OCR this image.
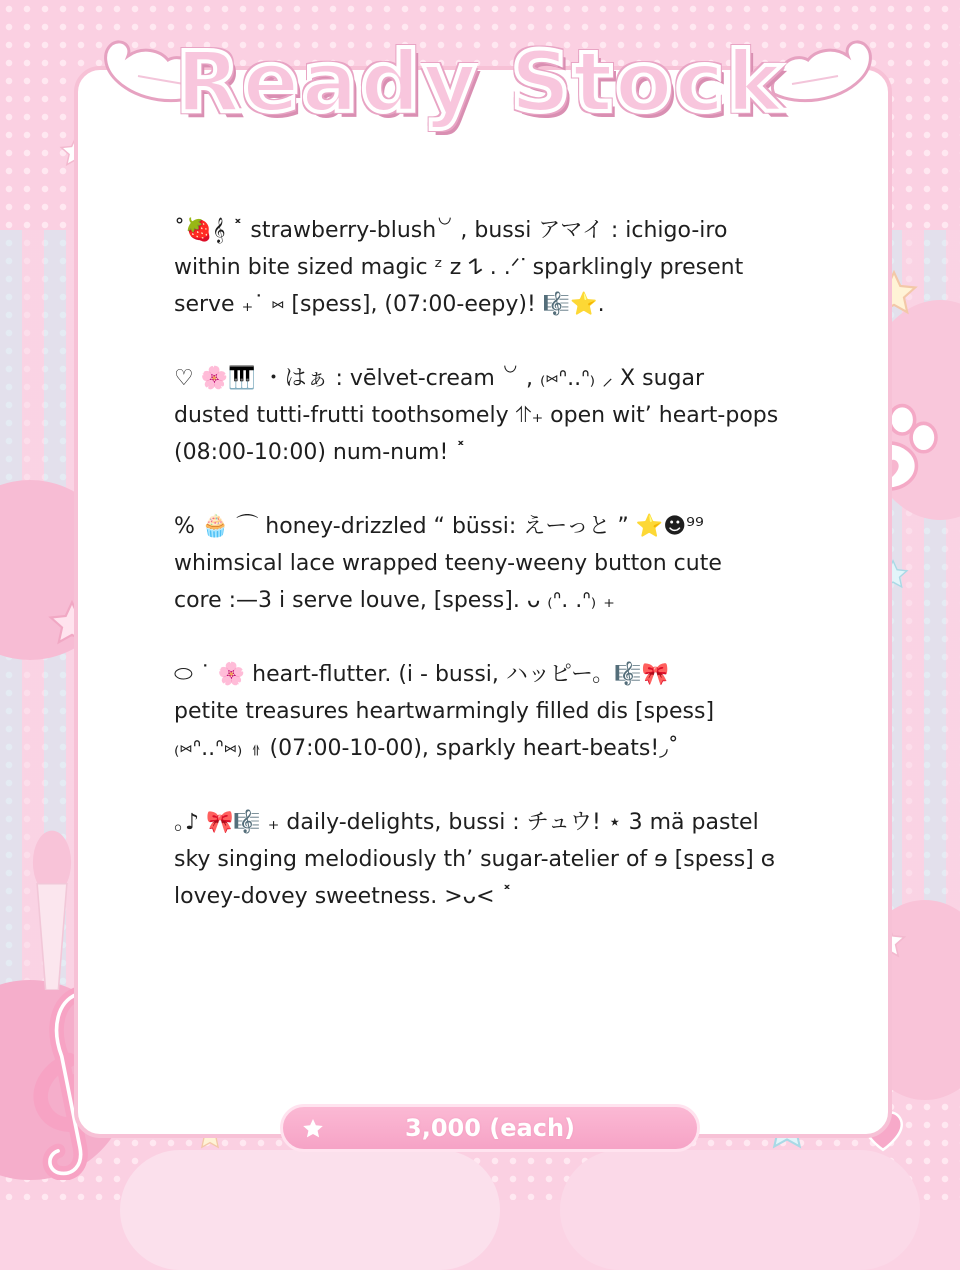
Ready Stock

˚🍓𝄞 ˟ strawberry-blush꒡ , bussi アマイ : ichigo-iro
within bite sized magic ᶻ 𝗓 𐰁 . .ᐟᐝ sparklingly present
serve ₊˙ ⑅ [spess], (07:00-eepy)! 🎼⭐.

♡ 🌸🎹 ・はぁ : vēlvet-cream ꒡ , ₍⑅ᐢ..ᐢ₎ ⸝ X sugar
dusted tutti-frutti toothsomely ⥣₊ open wit’ heart-pops
(08:00-10:00) num-num! ˟

% 🧁 ⌒ honey-drizzled “ büssi: えーっと ” ⭐☻⁹⁹
whimsical lace wrapped teeny-weeny button cute
core :—3 i serve louve, [spess]. ᴗ ₍ᐢ. .ᐢ₎ ₊

⬭ ˙ 🌸 heart-flutter. (i - bussi, ハッピー。🎼🎀
petite treasures heartwarmingly filled dis [spess]
₍⑅ᐢ..ᐢ⑅₎ ⥣ (07:00-10-00), sparkly heart-beats!◞˚

｡♪ 🎀🎼 ₊ daily-delights, bussi : チュウ! ⋆ 3 mä pastel
sky singing melodiously th’ sugar-atelier of ɘ [spess] ɞ
lovey-dovey sweetness. >ᴗ< ˟

3,000 (each)
